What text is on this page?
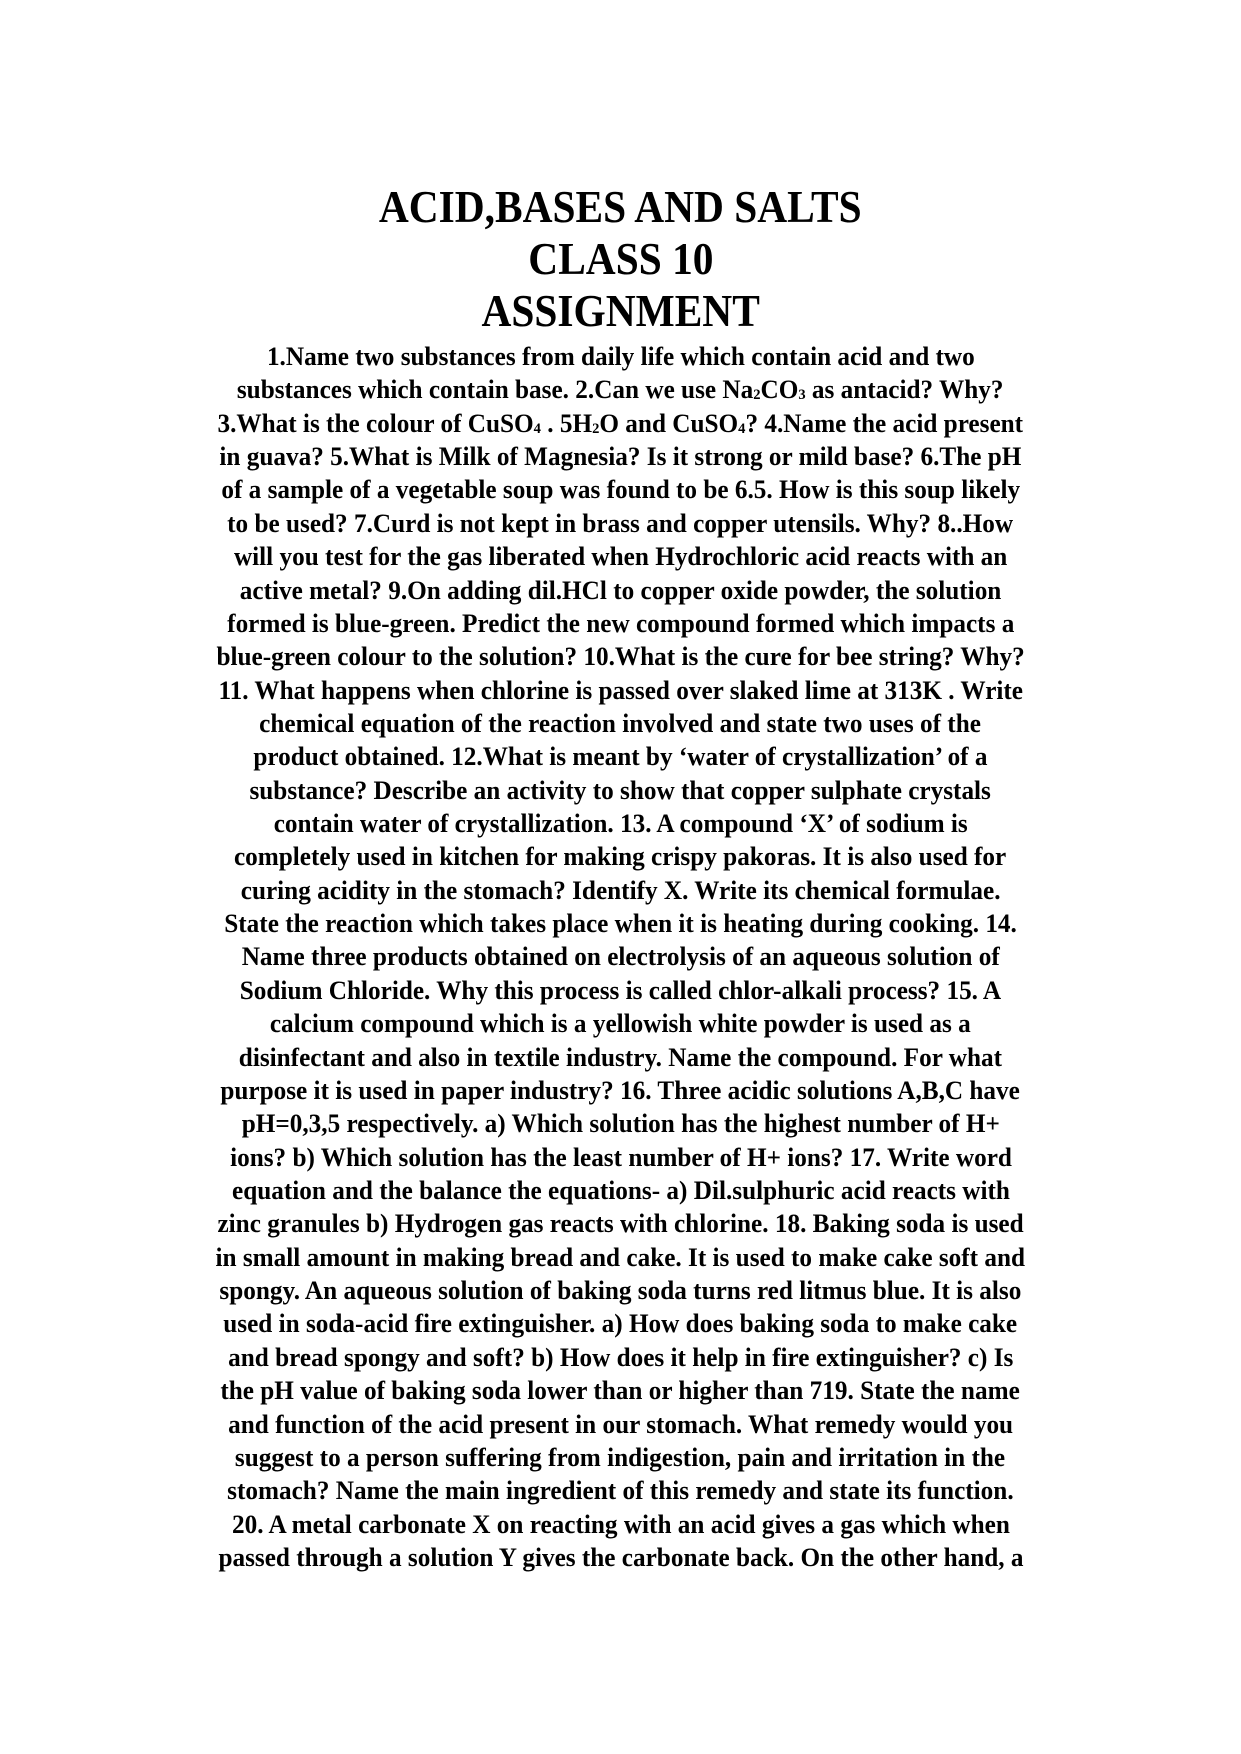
ACID,BASES AND SALTS
CLASS 10
ASSIGNMENT
1.Name two substances from daily life which contain acid and two
substances which contain base. 2.Can we use $Na_2CO_3$ as antacid? Why?
3.What is the colour of CuSO$_4$ . $5H_2O$ and CuSO$_4$? 4.Name the acid present
in guava? 5.What is Milk of Magnesia? Is it strong or mild base? 6.The pH
of a sample of a vegetable soup was found to be 6.5. How is this soup likely
to be used? 7.Curd is not kept in brass and copper utensils. Why? 8..How
will you test for the gas liberated when Hydrochloric acid reacts with an
active metal? 9.On adding dil.HCl to copper oxide powder, the solution
formed is blue-green. Predict the new compound formed which impacts a
blue-green colour to the solution? 10.What is the cure for bee string? Why?
11. What happens when chlorine is passed over slaked lime at 313K . Write
chemical equation of the reaction involved and state two uses of the
product obtained. 12.What is meant by ‘water of crystallization’ of a
substance? Describe an activity to show that copper sulphate crystals
contain water of crystallization. 13. A compound ‘X’ of sodium is
completely used in kitchen for making crispy pakoras. It is also used for
curing acidity in the stomach? Identify X. Write its chemical formulae.
State the reaction which takes place when it is heating during cooking. 14.
Name three products obtained on electrolysis of an aqueous solution of
Sodium Chloride. Why this process is called chlor-alkali process? 15. A
calcium compound which is a yellowish white powder is used as a
disinfectant and also in textile industry. Name the compound. For what
purpose it is used in paper industry? 16. Three acidic solutions A,B,C have
pH=0,3,5 respectively. a) Which solution has the highest number of H+
ions? b) Which solution has the least number of H+ ions? 17. Write word
equation and the balance the equations- a) Dil.sulphuric acid reacts with
zinc granules b) Hydrogen gas reacts with chlorine. 18. Baking soda is used
in small amount in making bread and cake. It is used to make cake soft and
spongy. An aqueous solution of baking soda turns red litmus blue. It is also
used in soda-acid fire extinguisher. a) How does baking soda to make cake
and bread spongy and soft? b) How does it help in fire extinguisher? c) Is
the pH value of baking soda lower than or higher than 719. State the name
and function of the acid present in our stomach. What remedy would you
suggest to a person suffering from indigestion, pain and irritation in the
stomach? Name the main ingredient of this remedy and state its function.
20. A metal carbonate X on reacting with an acid gives a gas which when
passed through a solution Y gives the carbonate back. On the other hand, a
